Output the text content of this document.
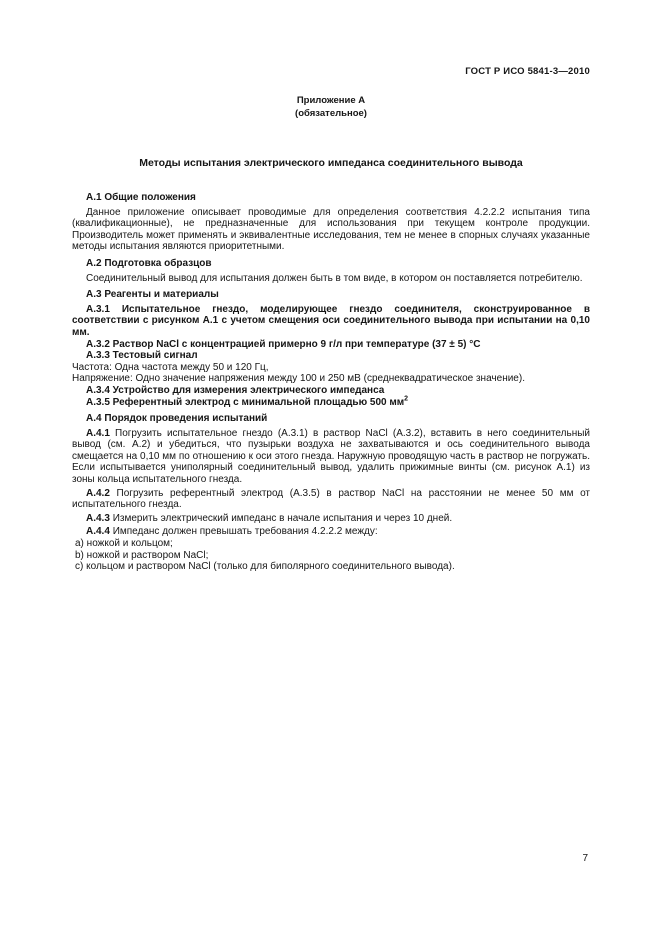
ГОСТ Р ИСО 5841-3—2010
Приложение А
(обязательное)
Методы испытания электрического импеданса соединительного вывода

А.1 Общие положения

Данное приложение описывает проводимые для определения соответствия 4.2.2.2 испытания типа (квалификационные), не предназначенные для использования при текущем контроле продукции. Производитель может применять и эквивалентные исследования, тем не менее в спорных случаях указанные методы испытания являются приоритетными.

А.2 Подготовка образцов

Соединительный вывод для испытания должен быть в том виде, в котором он поставляется потребителю.

А.3 Реагенты и материалы

А.3.1 Испытательное гнездо, моделирующее гнездо соединителя, сконструированное в соответствии с рисунком А.1 с учетом смещения оси соединительного вывода при испытании на 0,10 мм.

А.3.2 Раствор NaCl с концентрацией примерно 9 г/л при температуре (37 ± 5) °С

А.3.3 Тестовый сигнал

Частота: Одна частота между 50 и 120 Гц,

Напряжение: Одно значение напряжения между 100 и 250 мВ (среднеквадратическое значение).

А.3.4 Устройство для измерения электрического импеданса

А.3.5 Референтный электрод с минимальной площадью 500 $мм^2$

А.4 Порядок проведения испытаний

А.4.1 Погрузить испытательное гнездо (А.3.1) в раствор NaCl (А.3.2), вставить в него соединительный вывод (см. А.2) и убедиться, что пузырьки воздуха не захватываются и ось соединительного вывода смещается на 0,10 мм по отношению к оси этого гнезда. Наружную проводящую часть в раствор не погружать. Если испытывается униполярный соединительный вывод, удалить прижимные винты (см. рисунок А.1) из зоны кольца испытательного гнезда.

А.4.2 Погрузить референтный электрод (А.3.5) в раствор NaCl на расстоянии не менее 50 мм от испытательного гнезда.

А.4.3 Измерить электрический импеданс в начале испытания и через 10 дней.

А.4.4 Импеданс должен превышать требования 4.2.2.2 между:

a) ножкой и кольцом;

b) ножкой и раствором NaCl;

c) кольцом и раствором NaCl (только для биполярного соединительного вывода).

7
